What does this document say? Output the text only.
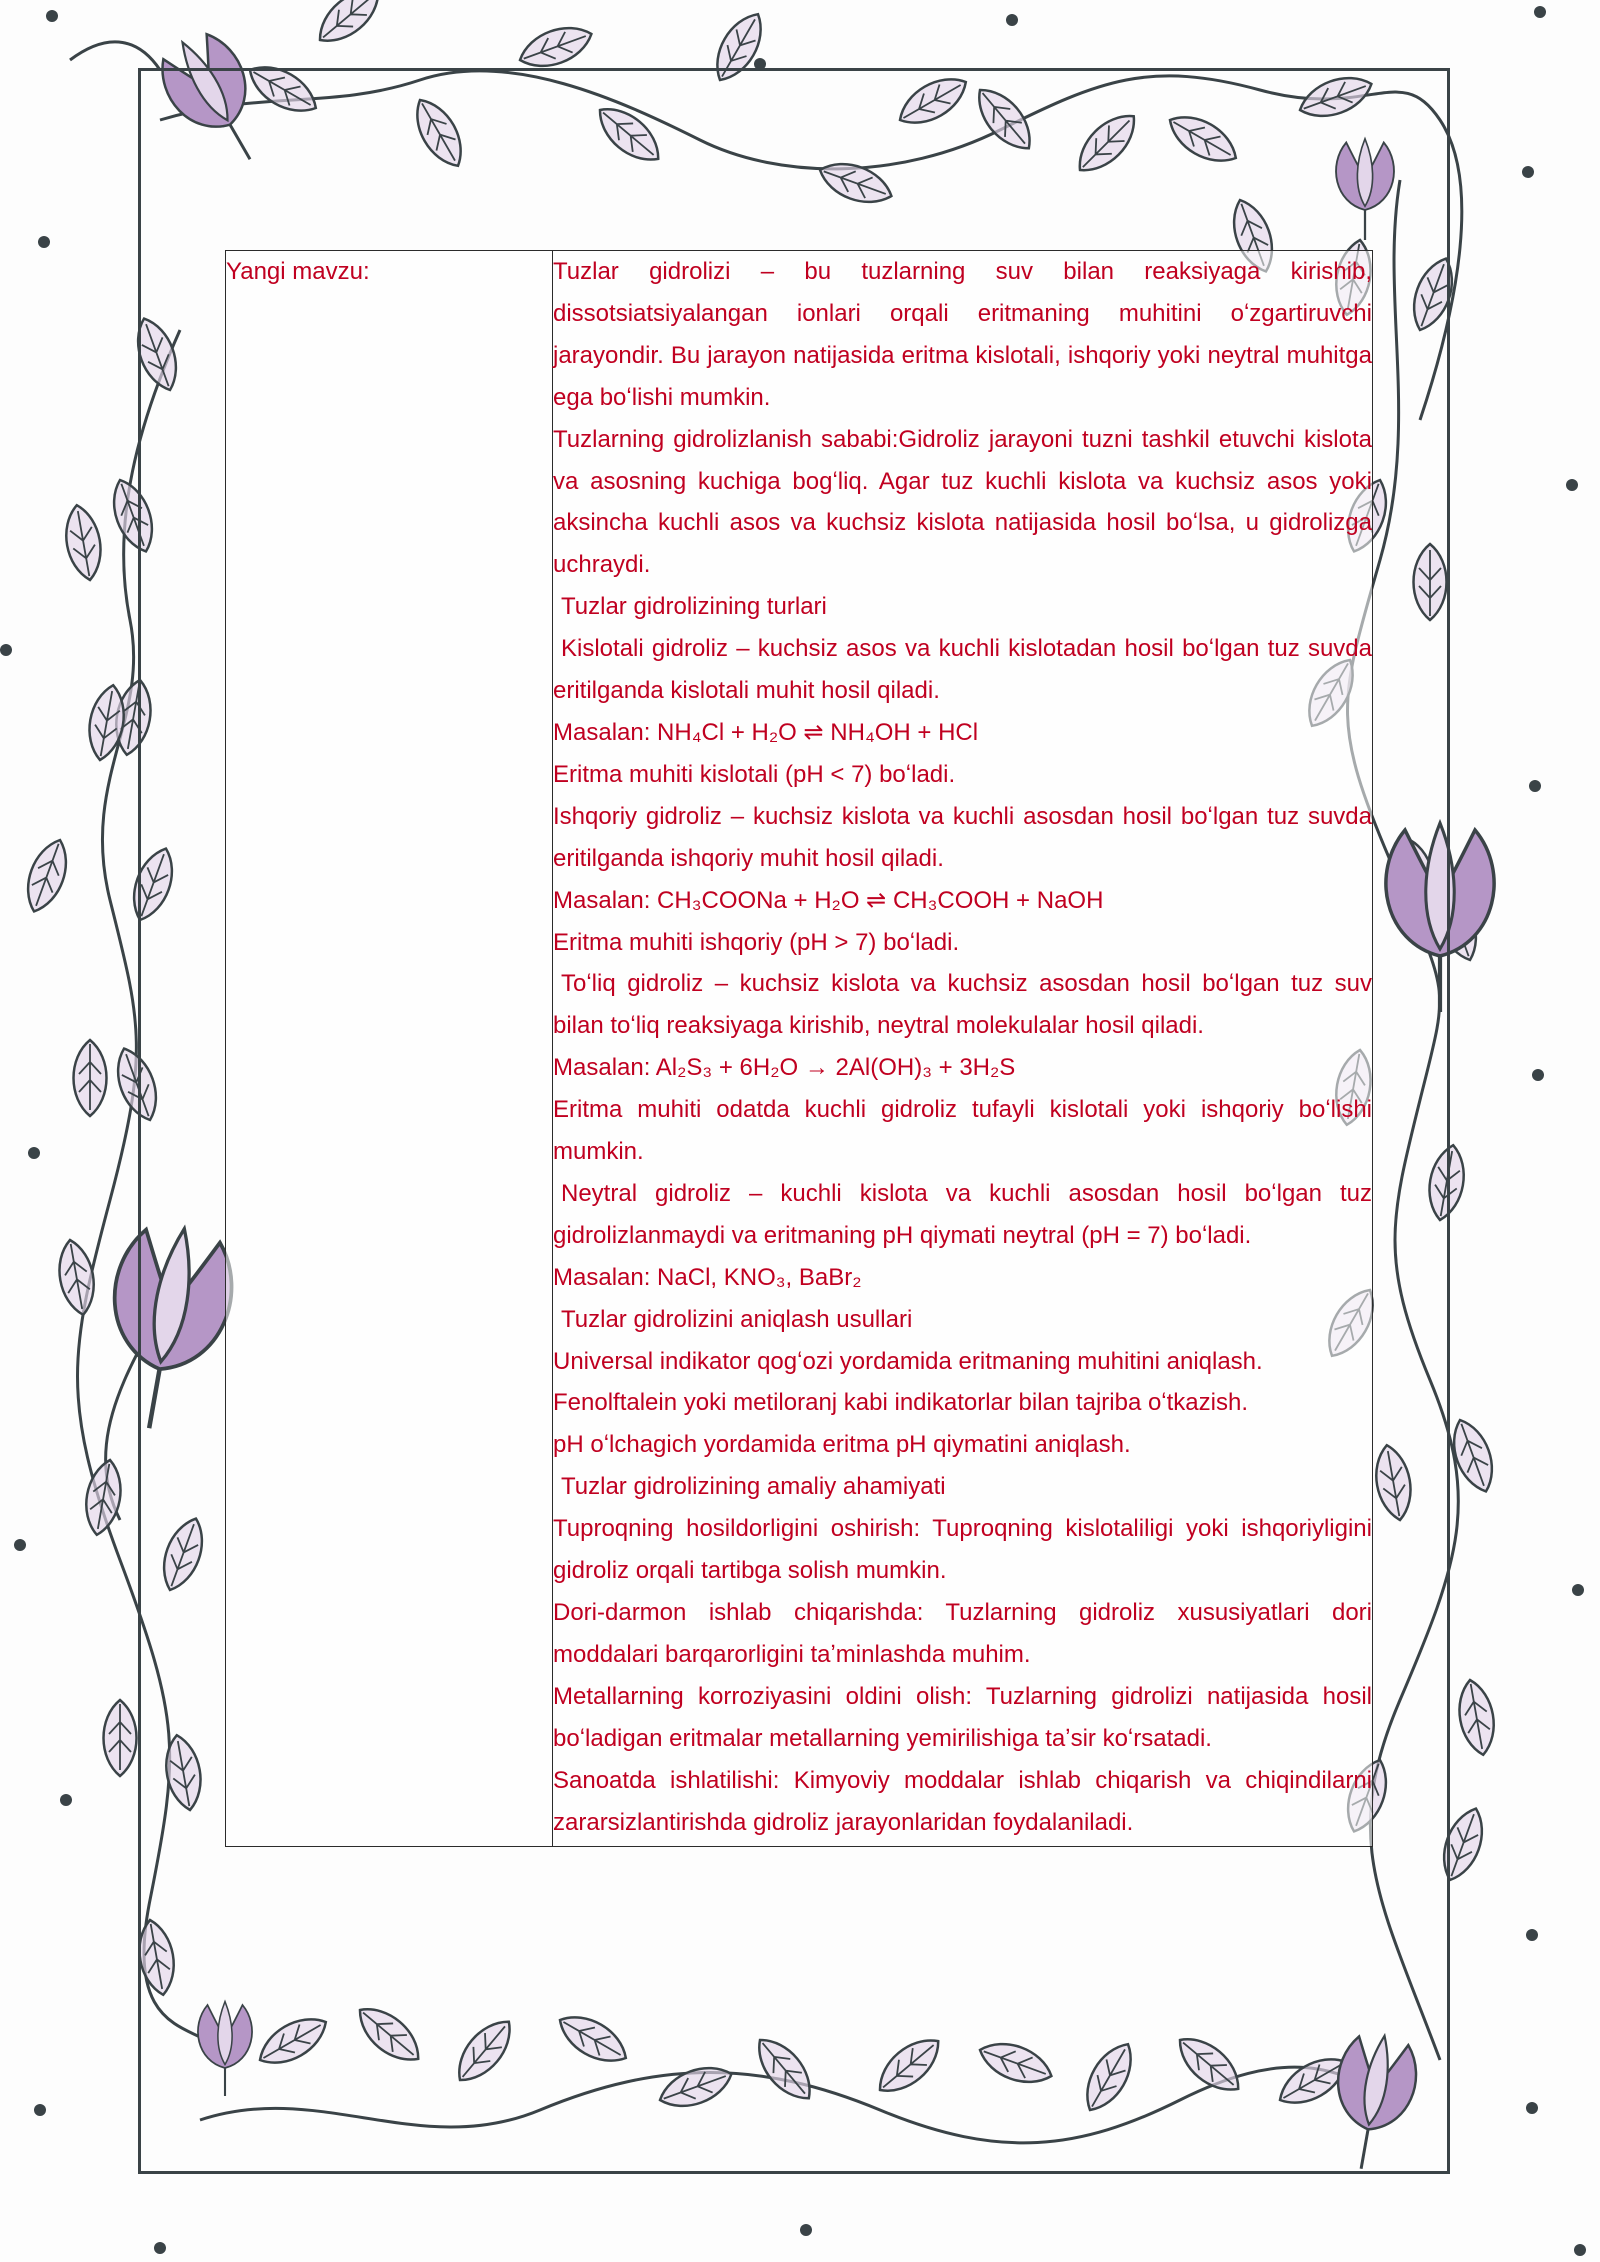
Yangi mavzu:	Tuzlar gidrolizi – bu tuzlarning suv bilan reaksiyaga kirishib, dissotsiatsiyalangan ionlari orqali eritmaning muhitini oʻzgartiruvchi jarayondir. Bu jarayon natijasida eritma kislotali, ishqoriy yoki neytral muhitga ega boʻlishi mumkin.

Tuzlarning gidrolizlanish sababi:Gidroliz jarayoni tuzni tashkil etuvchi kislota va asosning kuchiga bogʻliq. Agar tuz kuchli kislota va kuchsiz asos yoki aksincha kuchli asos va kuchsiz kislota natijasida hosil boʻlsa, u gidrolizga uchraydi.

Tuzlar gidrolizining turlari

Kislotali gidroliz – kuchsiz asos va kuchli kislotadan hosil boʻlgan tuz suvda eritilganda kislotali muhit hosil qiladi.

Masalan: NH₄Cl + H₂O ⇌ NH₄OH + HCl

Eritma muhiti kislotali (pH < 7) boʻladi.

Ishqoriy gidroliz – kuchsiz kislota va kuchli asosdan hosil boʻlgan tuz suvda eritilganda ishqoriy muhit hosil qiladi.

Masalan: CH₃COONa + H₂O ⇌ CH₃COOH + NaOH

Eritma muhiti ishqoriy (pH > 7) boʻladi.

Toʻliq gidroliz – kuchsiz kislota va kuchsiz asosdan hosil boʻlgan tuz suv bilan toʻliq reaksiyaga kirishib, neytral molekulalar hosil qiladi.

Masalan: Al₂S₃ + 6H₂O → 2Al(OH)₃ + 3H₂S

Eritma muhiti odatda kuchli gidroliz tufayli kislotali yoki ishqoriy boʻlishi mumkin.

Neytral gidroliz – kuchli kislota va kuchli asosdan hosil boʻlgan tuz gidrolizlanmaydi va eritmaning pH qiymati neytral (pH = 7) boʻladi.

Masalan: NaCl, KNO₃, BaBr₂

Tuzlar gidrolizini aniqlash usullari

Universal indikator qogʻozi yordamida eritmaning muhitini aniqlash.

Fenolftalein yoki metiloranj kabi indikatorlar bilan tajriba oʻtkazish.

pH oʻlchagich yordamida eritma pH qiymatini aniqlash.

Tuzlar gidrolizining amaliy ahamiyati

Tuproqning hosildorligini oshirish: Tuproqning kislotaliligi yoki ishqoriyligini gidroliz orqali tartibga solish mumkin.

Dori-darmon ishlab chiqarishda: Tuzlarning gidroliz xususiyatlari dori moddalari barqarorligini taʼminlashda muhim.

Metallarning korroziyasini oldini olish: Tuzlarning gidrolizi natijasida hosil boʻladigan eritmalar metallarning yemirilishiga taʼsir koʻrsatadi.

Sanoatda ishlatilishi: Kimyoviy moddalar ishlab chiqarish va chiqindilarni zararsizlantirishda gidroliz jarayonlaridan foydalaniladi.
